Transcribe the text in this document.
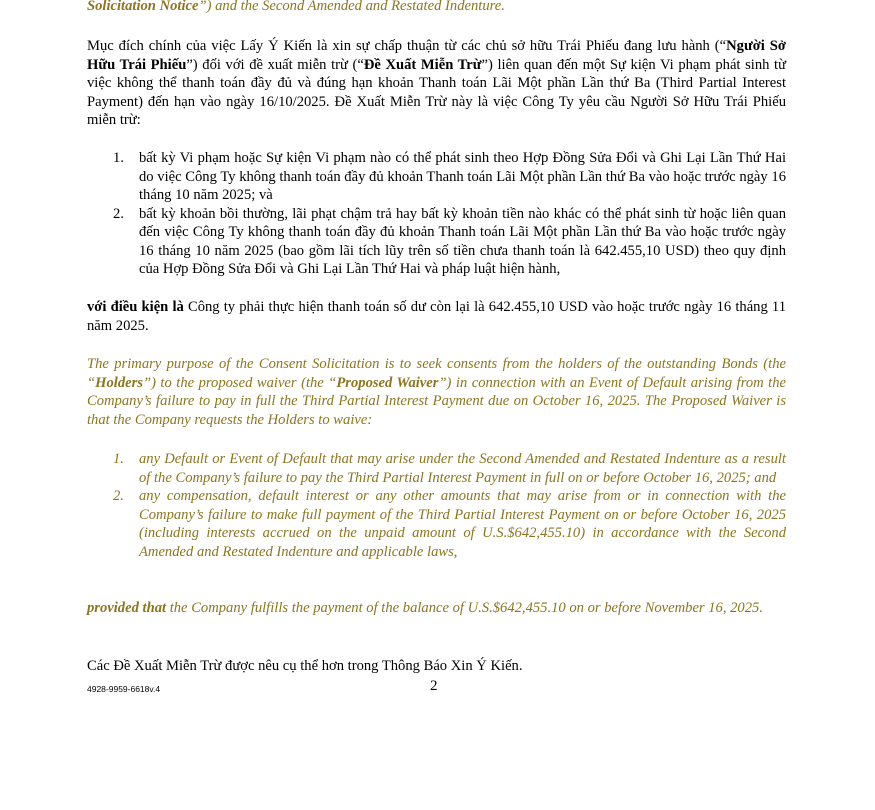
Solicitation Notice”) and the Second Amended and Restated Indenture.

Mục đích chính của việc Lấy Ý Kiến là xin sự chấp thuận từ các chủ sở hữu Trái Phiếu đang lưu hành (“Người Sở Hữu Trái Phiếu”) đối với đề xuất miễn trừ (“Đề Xuất Miễn Trừ”) liên quan đến một Sự kiện Vi phạm phát sinh từ việc không thể thanh toán đầy đủ và đúng hạn khoản Thanh toán Lãi Một phần Lần thứ Ba (Third Partial Interest Payment) đến hạn vào ngày 16/10/2025. Đề Xuất Miễn Trừ này là việc Công Ty yêu cầu Người Sở Hữu Trái Phiếu miễn trừ:

1. bất kỳ Vi phạm hoặc Sự kiện Vi phạm nào có thể phát sinh theo Hợp Đồng Sửa Đổi và Ghi Lại Lần Thứ Hai do việc Công Ty không thanh toán đầy đủ khoản Thanh toán Lãi Một phần Lần thứ Ba vào hoặc trước ngày 16 tháng 10 năm 2025; và
2. bất kỳ khoản bồi thường, lãi phạt chậm trả hay bất kỳ khoản tiền nào khác có thể phát sinh từ hoặc liên quan đến việc Công Ty không thanh toán đầy đủ khoản Thanh toán Lãi Một phần Lần thứ Ba vào hoặc trước ngày 16 tháng 10 năm 2025 (bao gồm lãi tích lũy trên số tiền chưa thanh toán là 642.455,10 USD) theo quy định của Hợp Đồng Sửa Đổi và Ghi Lại Lần Thứ Hai và pháp luật hiện hành,

với điều kiện là Công ty phải thực hiện thanh toán số dư còn lại là 642.455,10 USD vào hoặc trước ngày 16 tháng 11 năm 2025.

The primary purpose of the Consent Solicitation is to seek consents from the holders of the outstanding Bonds (the “Holders”) to the proposed waiver (the “Proposed Waiver”) in connection with an Event of Default arising from the Company’s failure to pay in full the Third Partial Interest Payment due on October 16, 2025. The Proposed Waiver is that the Company requests the Holders to waive:

1. any Default or Event of Default that may arise under the Second Amended and Restated Indenture as a result of the Company’s failure to pay the Third Partial Interest Payment in full on or before October 16, 2025; and
2. any compensation, default interest or any other amounts that may arise from or in connection with the Company’s failure to make full payment of the Third Partial Interest Payment on or before October 16, 2025 (including interests accrued on the unpaid amount of U.S.$642,455.10) in accordance with the Second Amended and Restated Indenture and applicable laws,

provided that the Company fulfills the payment of the balance of U.S.$642,455.10 on or before November 16, 2025.

Các Đề Xuất Miễn Trừ được nêu cụ thể hơn trong Thông Báo Xin Ý Kiến.

4928-9959-6618v.4	2
